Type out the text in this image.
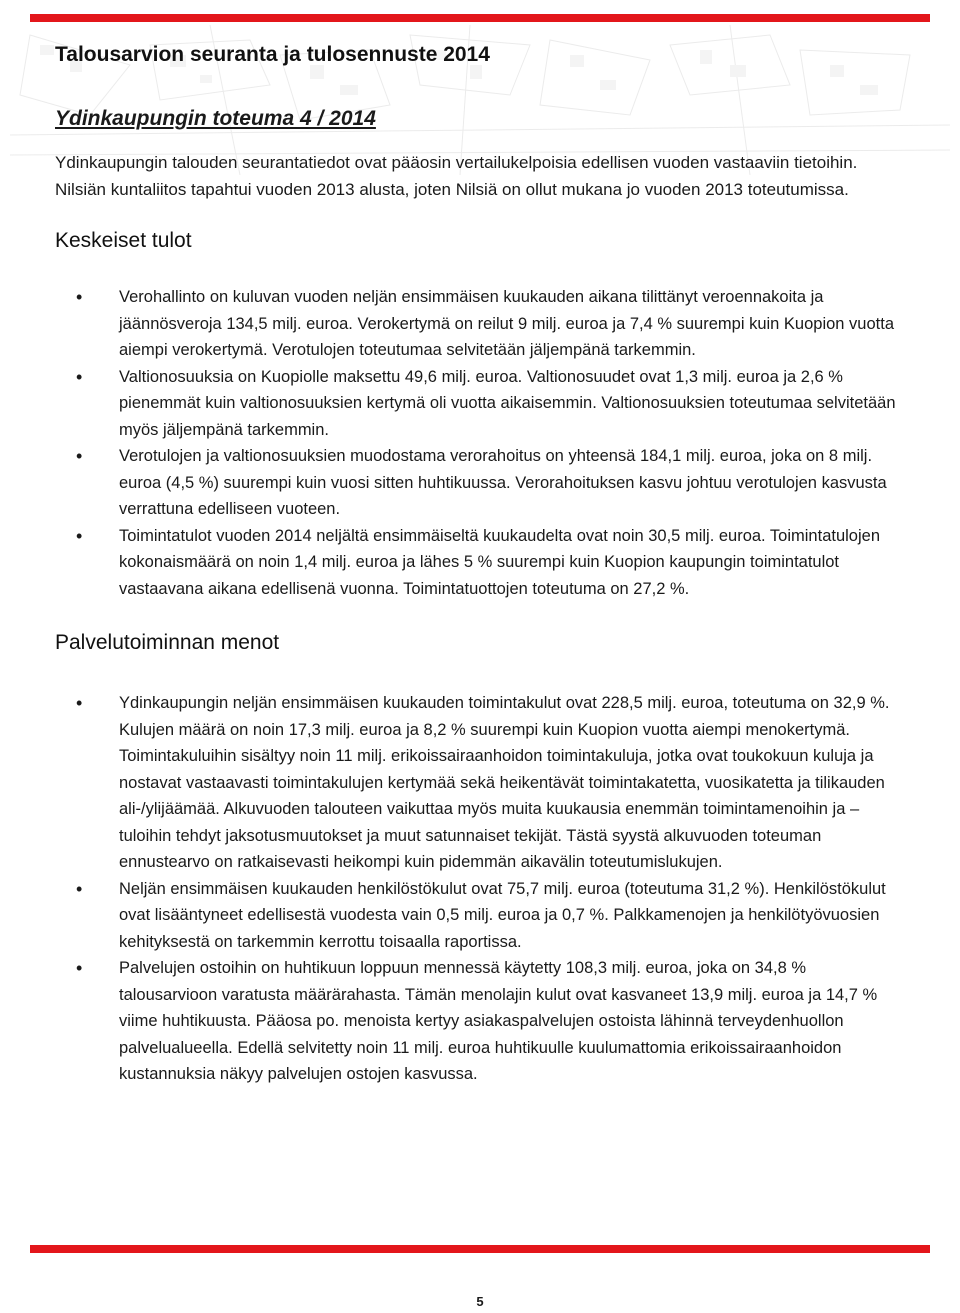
Talousarvion seuranta ja tulosennuste 2014
Ydinkaupungin toteuma 4 / 2014

Ydinkaupungin talouden seurantatiedot ovat pääosin vertailukelpoisia edellisen vuoden vastaaviin tietoihin. Nilsiän kuntaliitos tapahtui vuoden 2013 alusta, joten Nilsiä on ollut mukana jo vuoden 2013 toteutumissa.

Keskeiset tulot
• Verohallinto on kuluvan vuoden neljän ensimmäisen kuukauden aikana tilittänyt veroennakoita ja jäännösveroja 134,5 milj. euroa. Verokertymä on reilut 9 milj. euroa ja 7,4 % suurempi kuin Kuopion vuotta aiempi verokertymä. Verotulojen toteutumaa selvitetään jäljempänä tarkemmin.
• Valtionosuuksia on Kuopiolle maksettu 49,6 milj. euroa. Valtionosuudet ovat 1,3 milj. euroa ja 2,6 % pienemmät kuin valtionosuuksien kertymä oli vuotta aikaisemmin. Valtionosuuksien toteutumaa selvitetään myös jäljempänä tarkemmin.
• Verotulojen ja valtionosuuksien muodostama verorahoitus on yhteensä 184,1 milj. euroa, joka on 8 milj. euroa (4,5 %) suurempi kuin vuosi sitten huhtikuussa. Verorahoituksen kasvu johtuu verotulojen kasvusta verrattuna edelliseen vuoteen.
• Toimintatulot vuoden 2014 neljältä ensimmäiseltä kuukaudelta ovat noin 30,5 milj. euroa. Toimintatulojen kokonaismäärä on noin 1,4 milj. euroa ja lähes 5 % suurempi kuin Kuopion kaupungin toimintatulot vastaavana aikana edellisenä vuonna. Toimintatuottojen toteutuma on 27,2 %.
Palvelutoiminnan menot
• Ydinkaupungin neljän ensimmäisen kuukauden toimintakulut ovat 228,5 milj. euroa, toteutuma on 32,9 %. Kulujen määrä on noin 17,3 milj. euroa ja 8,2 % suurempi kuin Kuopion vuotta aiempi menokertymä. Toimintakuluihin sisältyy noin 11 milj. erikoissairaanhoidon toimintakuluja, jotka ovat toukokuun kuluja ja nostavat vastaavasti toimintakulujen kertymää sekä heikentävät toimintakatetta, vuosikatetta ja tilikauden ali-/ylijäämää. Alkuvuoden talouteen vaikuttaa myös muita kuukausia enemmän toimintamenoihin ja – tuloihin tehdyt jaksotusmuutokset ja muut satunnaiset tekijät. Tästä syystä alkuvuoden toteuman ennustearvo on ratkaisevasti heikompi kuin pidemmän aikavälin toteutumislukujen.
• Neljän ensimmäisen kuukauden henkilöstökulut ovat 75,7 milj. euroa (toteutuma 31,2 %). Henkilöstökulut ovat lisääntyneet edellisestä vuodesta vain 0,5 milj. euroa ja 0,7 %. Palkkamenojen ja henkilötyövuosien kehityksestä on tarkemmin kerrottu toisaalla raportissa.
• Palvelujen ostoihin on huhtikuun loppuun mennessä käytetty 108,3 milj. euroa, joka on 34,8 % talousarvioon varatusta määrärahasta. Tämän menolajin kulut ovat kasvaneet 13,9 milj. euroa ja 14,7 % viime huhtikuusta. Pääosa po. menoista kertyy asiakaspalvelujen ostoista lähinnä terveydenhuollon palvelualueella. Edellä selvitetty noin 11 milj. euroa huhtikuulle kuulumattomia erikoissairaanhoidon kustannuksia näkyy palvelujen ostojen kasvussa.
5
